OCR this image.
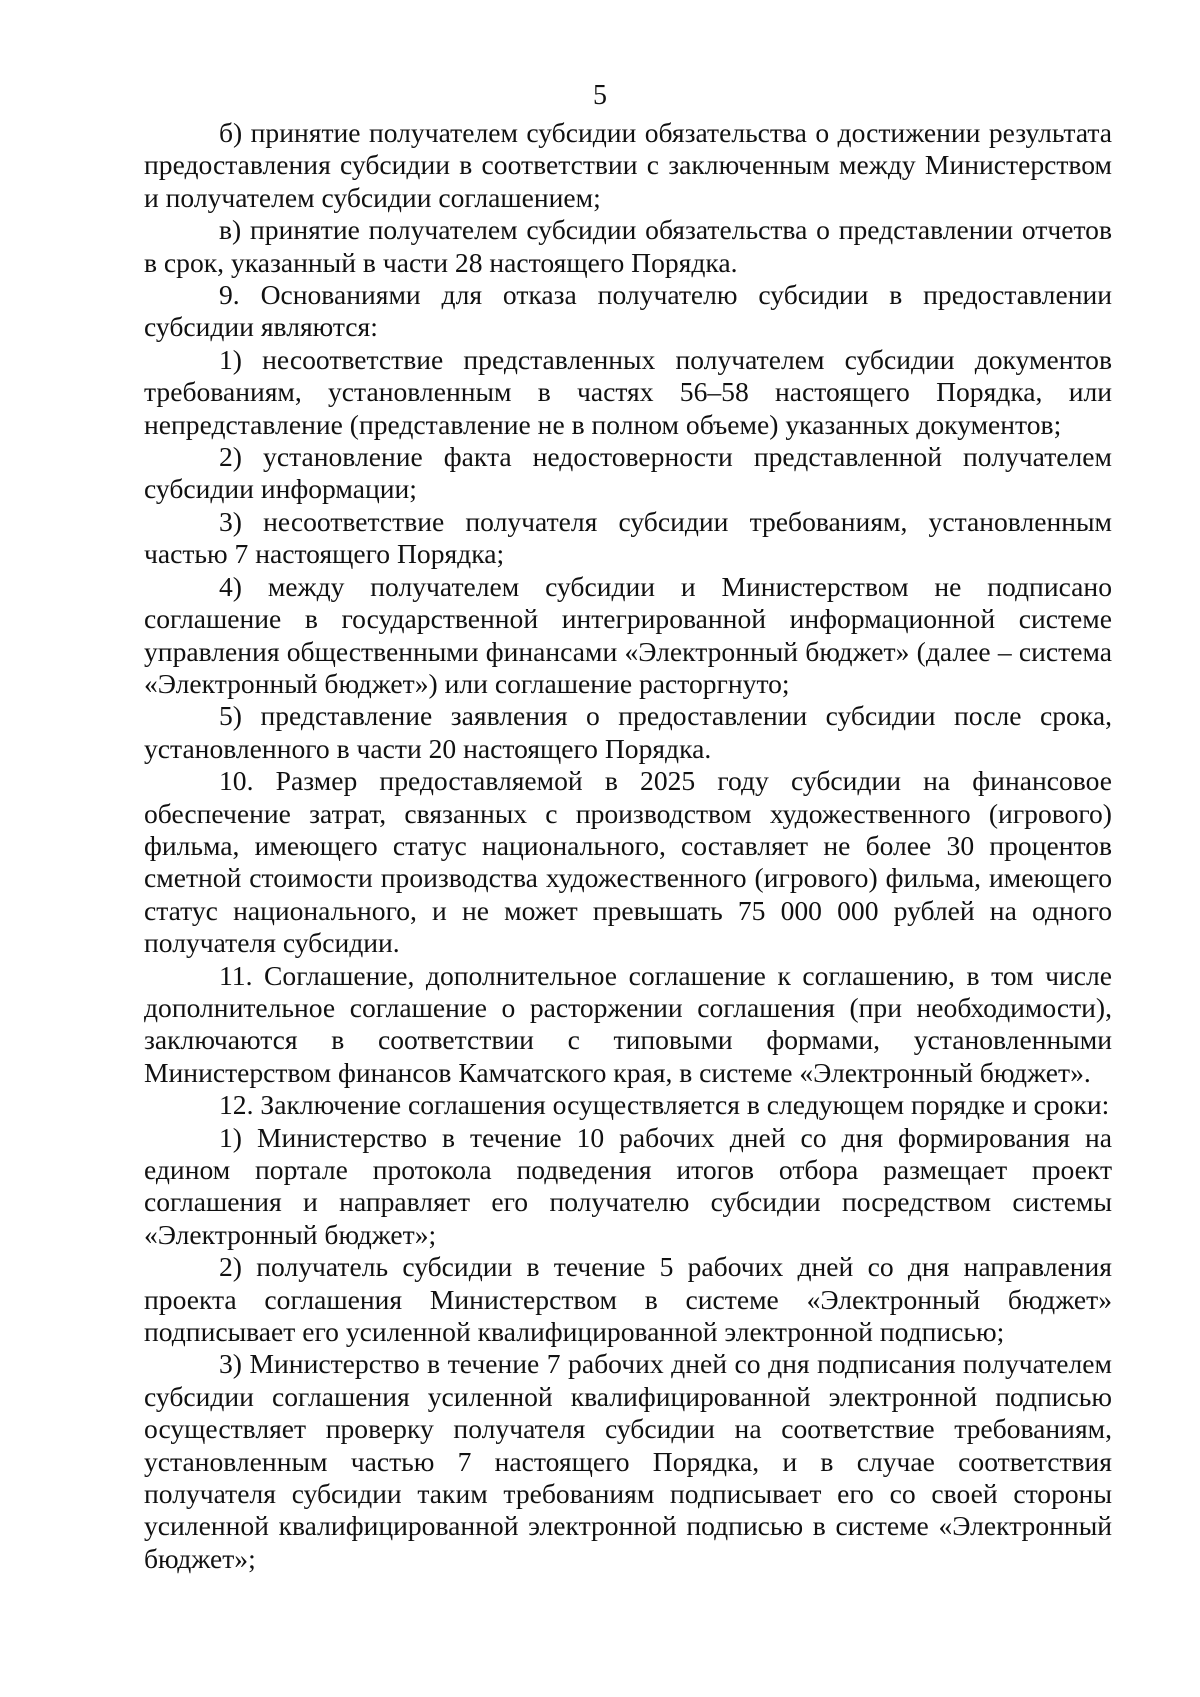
5

б) принятие получателем субсидии обязательства о достижении результата предоставления субсидии в соответствии с заключенным между Министерством и получателем субсидии соглашением;

в) принятие получателем субсидии обязательства о представлении отчетов в срок, указанный в части 28 настоящего Порядка.

9. Основаниями для отказа получателю субсидии в предоставлении субсидии являются:

1) несоответствие представленных получателем субсидии документов требованиям, установленным в частях 56–58 настоящего Порядка, или непредставление (представление не в полном объеме) указанных документов;

2) установление факта недостоверности представленной получателем субсидии информации;

3) несоответствие получателя субсидии требованиям, установленным частью 7 настоящего Порядка;

4) между получателем субсидии и Министерством не подписано соглашение в государственной интегрированной информационной системе управления общественными финансами «Электронный бюджет» (далее – система «Электронный бюджет») или соглашение расторгнуто;

5) представление заявления о предоставлении субсидии после срока, установленного в части 20 настоящего Порядка.

10. Размер предоставляемой в 2025 году субсидии на финансовое обеспечение затрат, связанных с производством художественного (игрового) фильма, имеющего статус национального, составляет не более 30 процентов сметной стоимости производства художественного (игрового) фильма, имеющего статус национального, и не может превышать 75 000 000 рублей на одного получателя субсидии.

11. Соглашение, дополнительное соглашение к соглашению, в том числе дополнительное соглашение о расторжении соглашения (при необходимости), заключаются в соответствии с типовыми формами, установленными Министерством финансов Камчатского края, в системе «Электронный бюджет».

12. Заключение соглашения осуществляется в следующем порядке и сроки:

1) Министерство в течение 10 рабочих дней со дня формирования на едином портале протокола подведения итогов отбора размещает проект соглашения и направляет его получателю субсидии посредством системы «Электронный бюджет»;

2) получатель субсидии в течение 5 рабочих дней со дня направления проекта соглашения Министерством в системе «Электронный бюджет» подписывает его усиленной квалифицированной электронной подписью;

3) Министерство в течение 7 рабочих дней со дня подписания получателем субсидии соглашения усиленной квалифицированной электронной подписью осуществляет проверку получателя субсидии на соответствие требованиям, установленным частью 7 настоящего Порядка, и в случае соответствия получателя субсидии таким требованиям подписывает его со своей стороны усиленной квалифицированной электронной подписью в системе «Электронный бюджет»;
